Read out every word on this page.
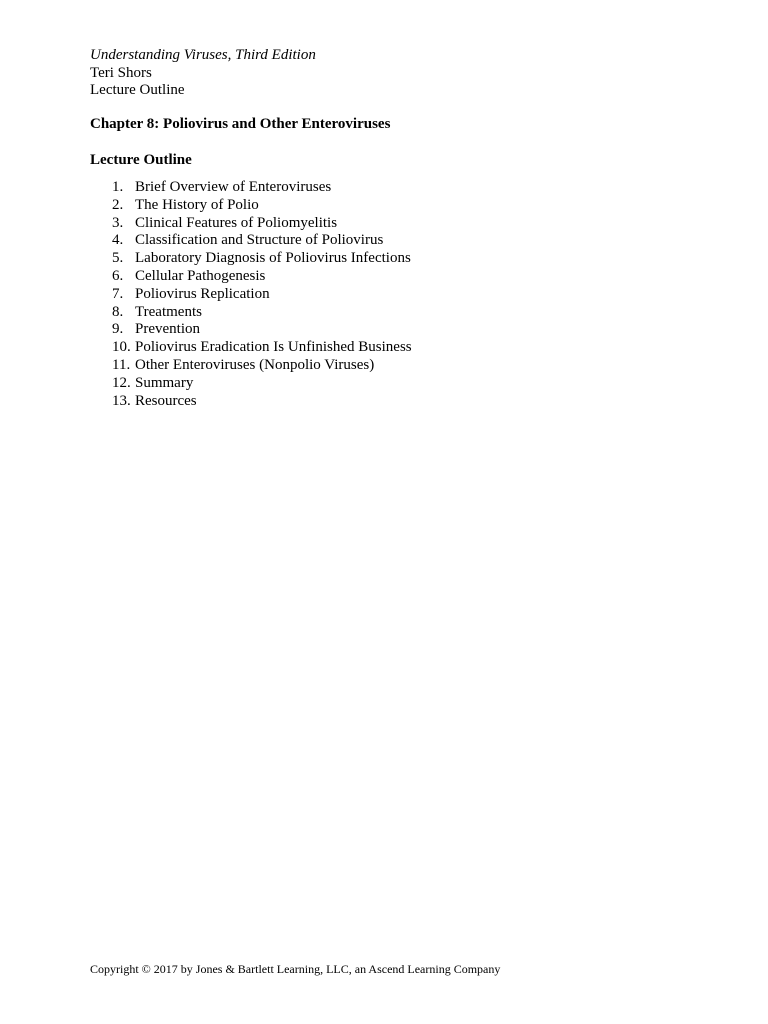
Understanding Viruses, Third Edition
Teri Shors
Lecture Outline
Chapter 8: Poliovirus and Other Enteroviruses
Lecture Outline
1. Brief Overview of Enteroviruses
2. The History of Polio
3. Clinical Features of Poliomyelitis
4. Classification and Structure of Poliovirus
5. Laboratory Diagnosis of Poliovirus Infections
6. Cellular Pathogenesis
7. Poliovirus Replication
8. Treatments
9. Prevention
10. Poliovirus Eradication Is Unfinished Business
11. Other Enteroviruses (Nonpolio Viruses)
12. Summary
13. Resources
Copyright © 2017 by Jones & Bartlett Learning, LLC, an Ascend Learning Company
